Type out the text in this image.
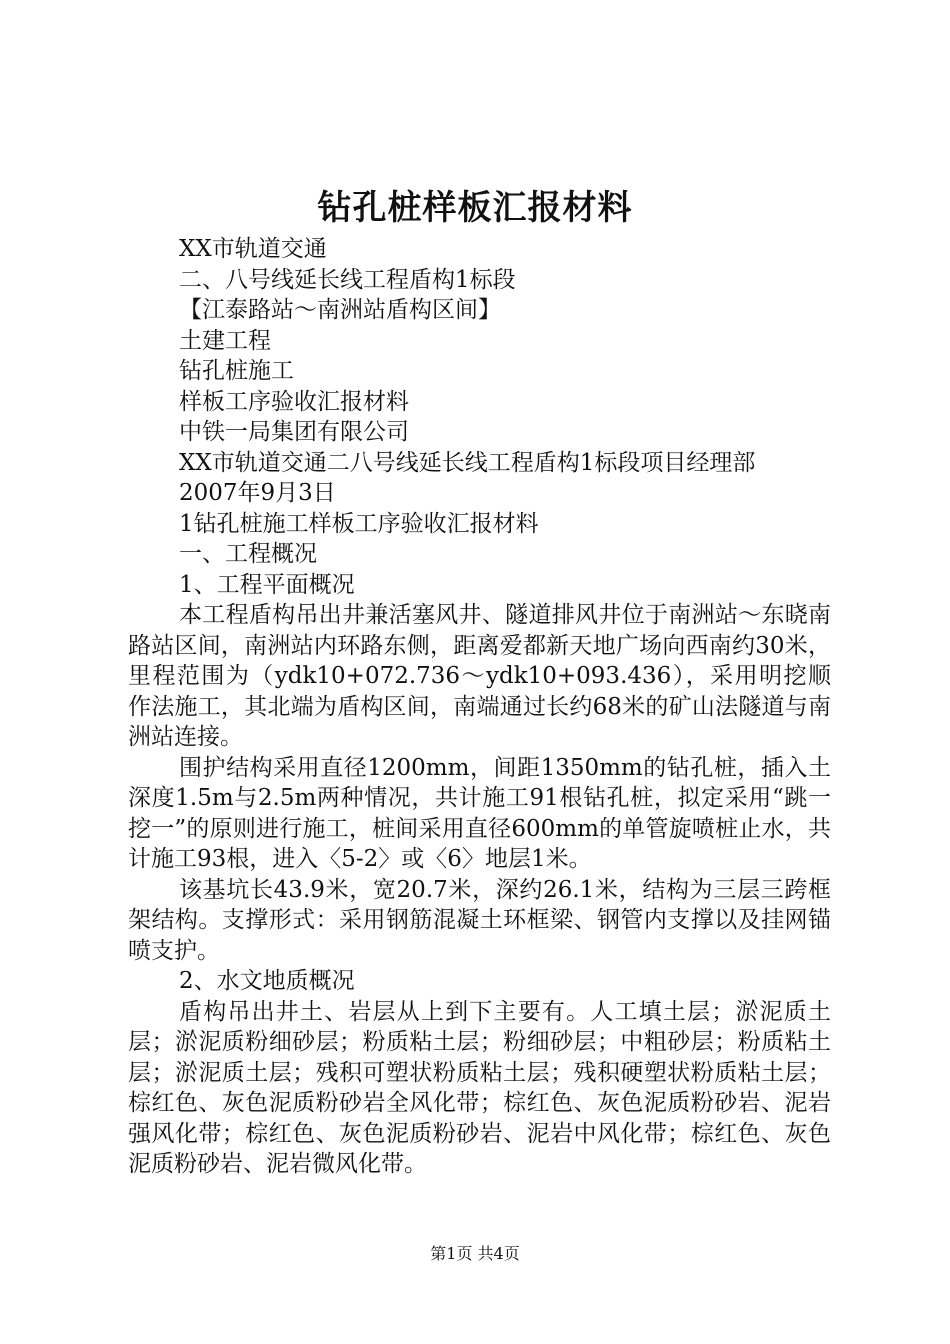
钻孔桩样板汇报材料

XX市轨道交通

二、八号线延长线工程盾构1标段

【江泰路站～南洲站盾构区间】

土建工程

钻孔桩施工

样板工序验收汇报材料

中铁一局集团有限公司

XX市轨道交通二八号线延长线工程盾构1标段项目经理部

2007年9月3日

1钻孔桩施工样板工序验收汇报材料

一、工程概况

1、工程平面概况

本工程盾构吊出井兼活塞风井、隧道排风井位于南洲站～东晓南路站区间，南洲站内环路东侧，距离爱都新天地广场向西南约30米，里程范围为（ydk10+072.736～ydk10+093.436），采用明挖顺作法施工，其北端为盾构区间，南端通过长约68米的矿山法隧道与南洲站连接。

围护结构采用直径1200mm，间距1350mm的钻孔桩，插入土深度1.5m与2.5m两种情况，共计施工91根钻孔桩，拟定采用“跳一挖一”的原则进行施工，桩间采用直径600mm的单管旋喷桩止水，共计施工93根，进入〈5-2〉或〈6〉地层1米。

该基坑长43.9米，宽20.7米，深约26.1米，结构为三层三跨框架结构。支撑形式：采用钢筋混凝土环框梁、钢管内支撑以及挂网锚喷支护。

2、水文地质概况

盾构吊出井土、岩层从上到下主要有。人工填土层；淤泥质土层；淤泥质粉细砂层；粉质粘土层；粉细砂层；中粗砂层；粉质粘土层；淤泥质土层；残积可塑状粉质粘土层；残积硬塑状粉质粘土层；棕红色、灰色泥质粉砂岩全风化带；棕红色、灰色泥质粉砂岩、泥岩强风化带；棕红色、灰色泥质粉砂岩、泥岩中风化带；棕红色、灰色泥质粉砂岩、泥岩微风化带。

第1页 共4页
